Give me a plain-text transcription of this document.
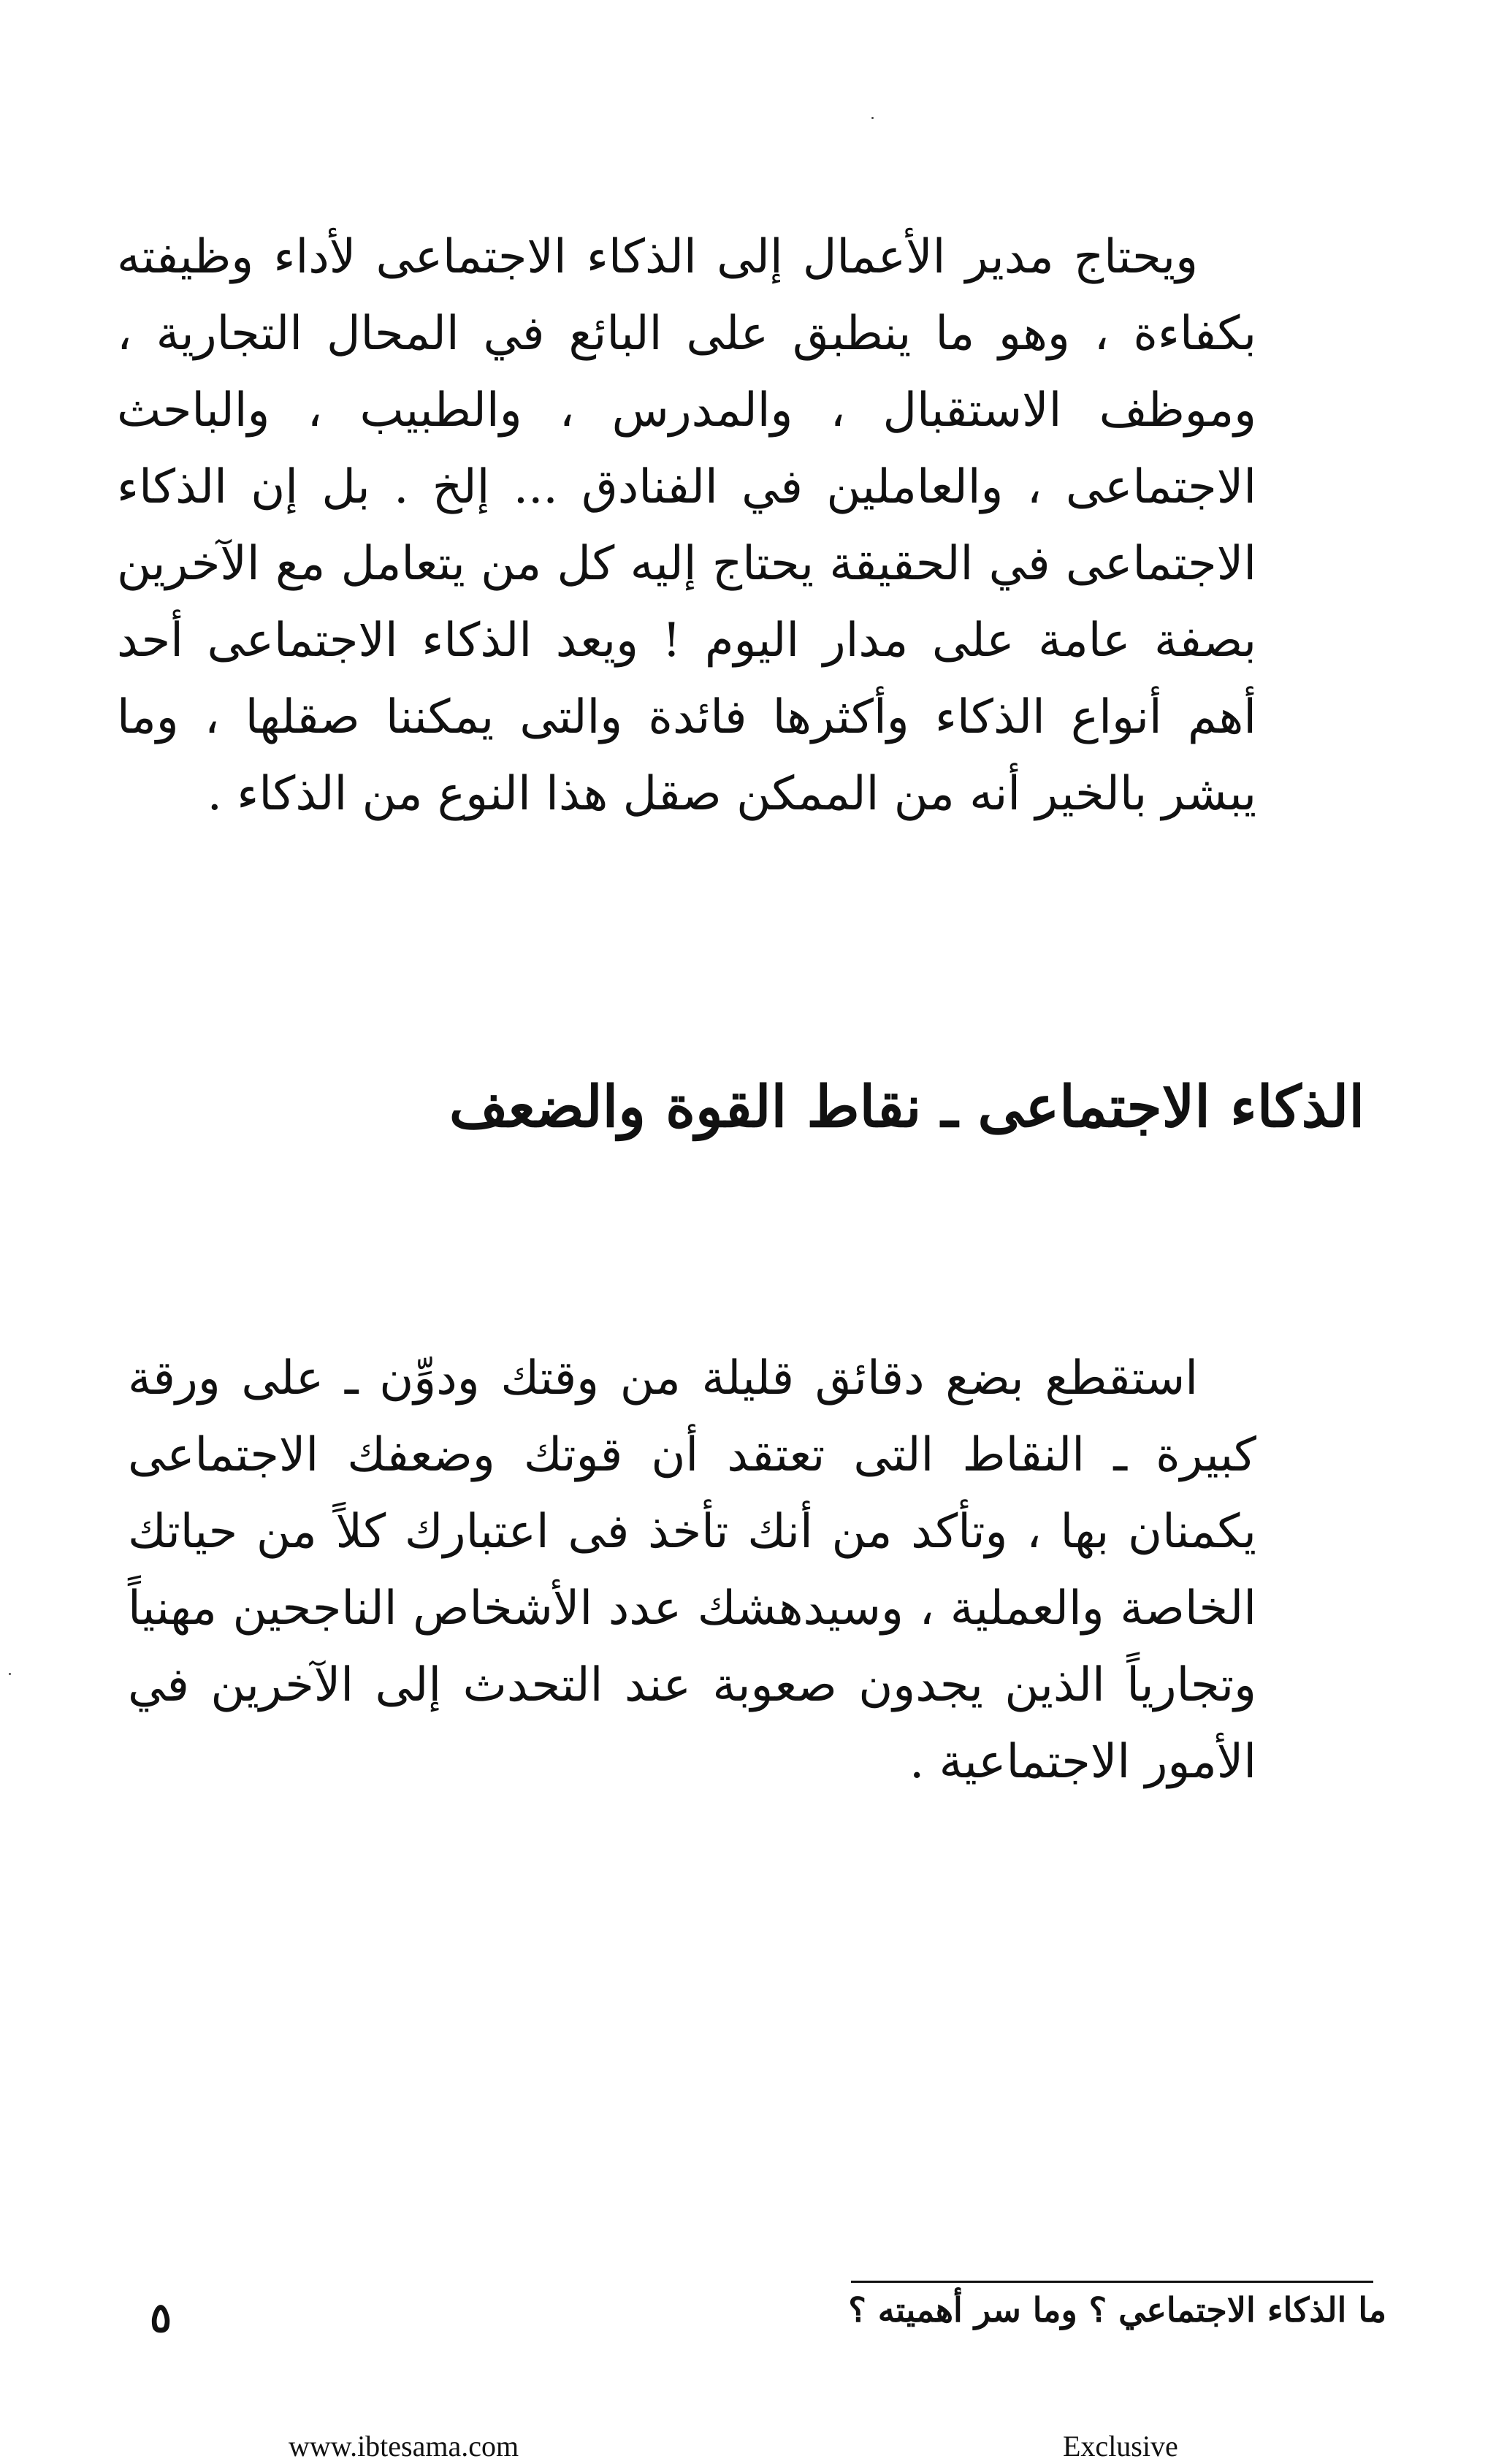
ويحتاج مدير الأعمال إلى الذكاء الاجتماعى لأداء وظيفته بكفاءة ، وهو ما ينطبق على البائع في المحال التجارية ، وموظف الاستقبال ، والمدرس ، والطبيب ، والباحث الاجتماعى ، والعاملين في الفنادق ... إلخ . بل إن الذكاء الاجتماعى في الحقيقة يحتاج إليه كل من يتعامل مع الآخرين بصفة عامة على مدار اليوم ! ويعد الذكاء الاجتماعى أحد أهم أنواع الذكاء وأكثرها فائدة والتى يمكننا صقلها ، وما يبشر بالخير أنه من الممكن صقل هذا النوع من الذكاء .

الذكاء الاجتماعى ـ نقاط القوة والضعف

استقطع بضع دقائق قليلة من وقتك ودوِّن ـ على ورقة كبيرة ـ النقاط التى تعتقد أن قوتك وضعفك الاجتماعى يكمنان بها ، وتأكد من أنك تأخذ فى اعتبارك كلاً من حياتك الخاصة والعملية ، وسيدهشك عدد الأشخاص الناجحين مهنياً وتجارياً الذين يجدون صعوبة عند التحدث إلى الآخرين في الأمور الاجتماعية .

ما الذكاء الاجتماعي ؟ وما سر أهميته ؟
٥
www.ibtesama.com	Exclusive
